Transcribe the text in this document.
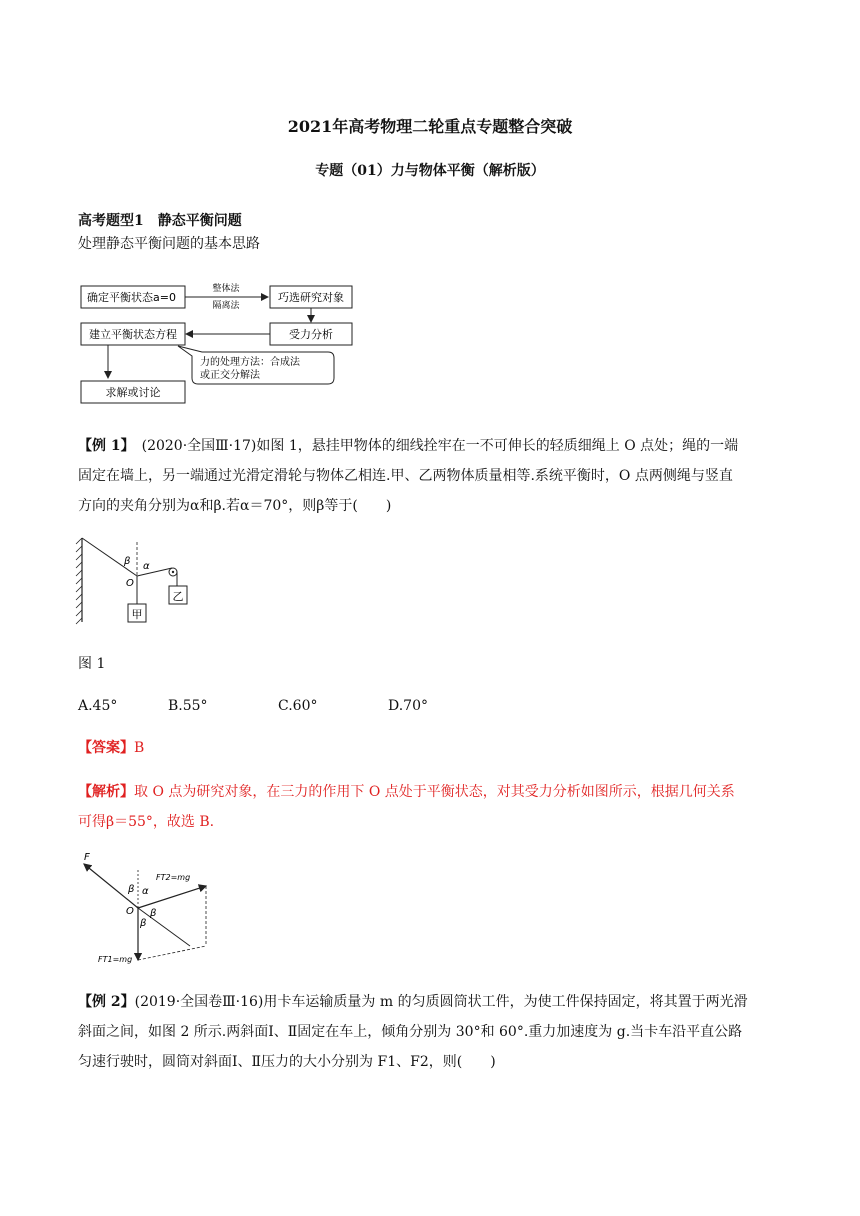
2021年高考物理二轮重点专题整合突破
专题（01）力与物体平衡（解析版）
高考题型1　静态平衡问题
处理静态平衡问题的基本思路
确定平衡状态a=0
整体法
隔离法
巧选研究对象
受力分析
建立平衡状态方程
力的处理方法：合成法
或正交分解法
求解或讨论
【例 1】　(2020·全国Ⅲ·17)如图 1，悬挂甲物体的细线拴牢在一不可伸长的轻质细绳上 O 点处；绳的一端
固定在墙上，另一端通过光滑定滑轮与物体乙相连.甲、乙两物体质量相等.系统平衡时，O 点两侧绳与竖直
方向的夹角分别为α和β.若α＝70°，则β等于(　　)
乙
甲
β α
O
图 1
A.45°	B.55°	C.60°	D.70°
【答案】B
【解析】取 O 点为研究对象，在三力的作用下 O 点处于平衡状态，对其受力分析如图所示，根据几何关系
可得β＝55°，故选 B.
F
FT2=mg
FT1=mg
β α
β
β
O
【例 2】(2019·全国卷Ⅲ·16)用卡车运输质量为 m 的匀质圆筒状工件，为使工件保持固定，将其置于两光滑
斜面之间，如图 2 所示.两斜面Ⅰ、Ⅱ固定在车上，倾角分别为 30°和 60°.重力加速度为 g.当卡车沿平直公路
匀速行驶时，圆筒对斜面Ⅰ、Ⅱ压力的大小分别为 F1、F2，则(　　)
